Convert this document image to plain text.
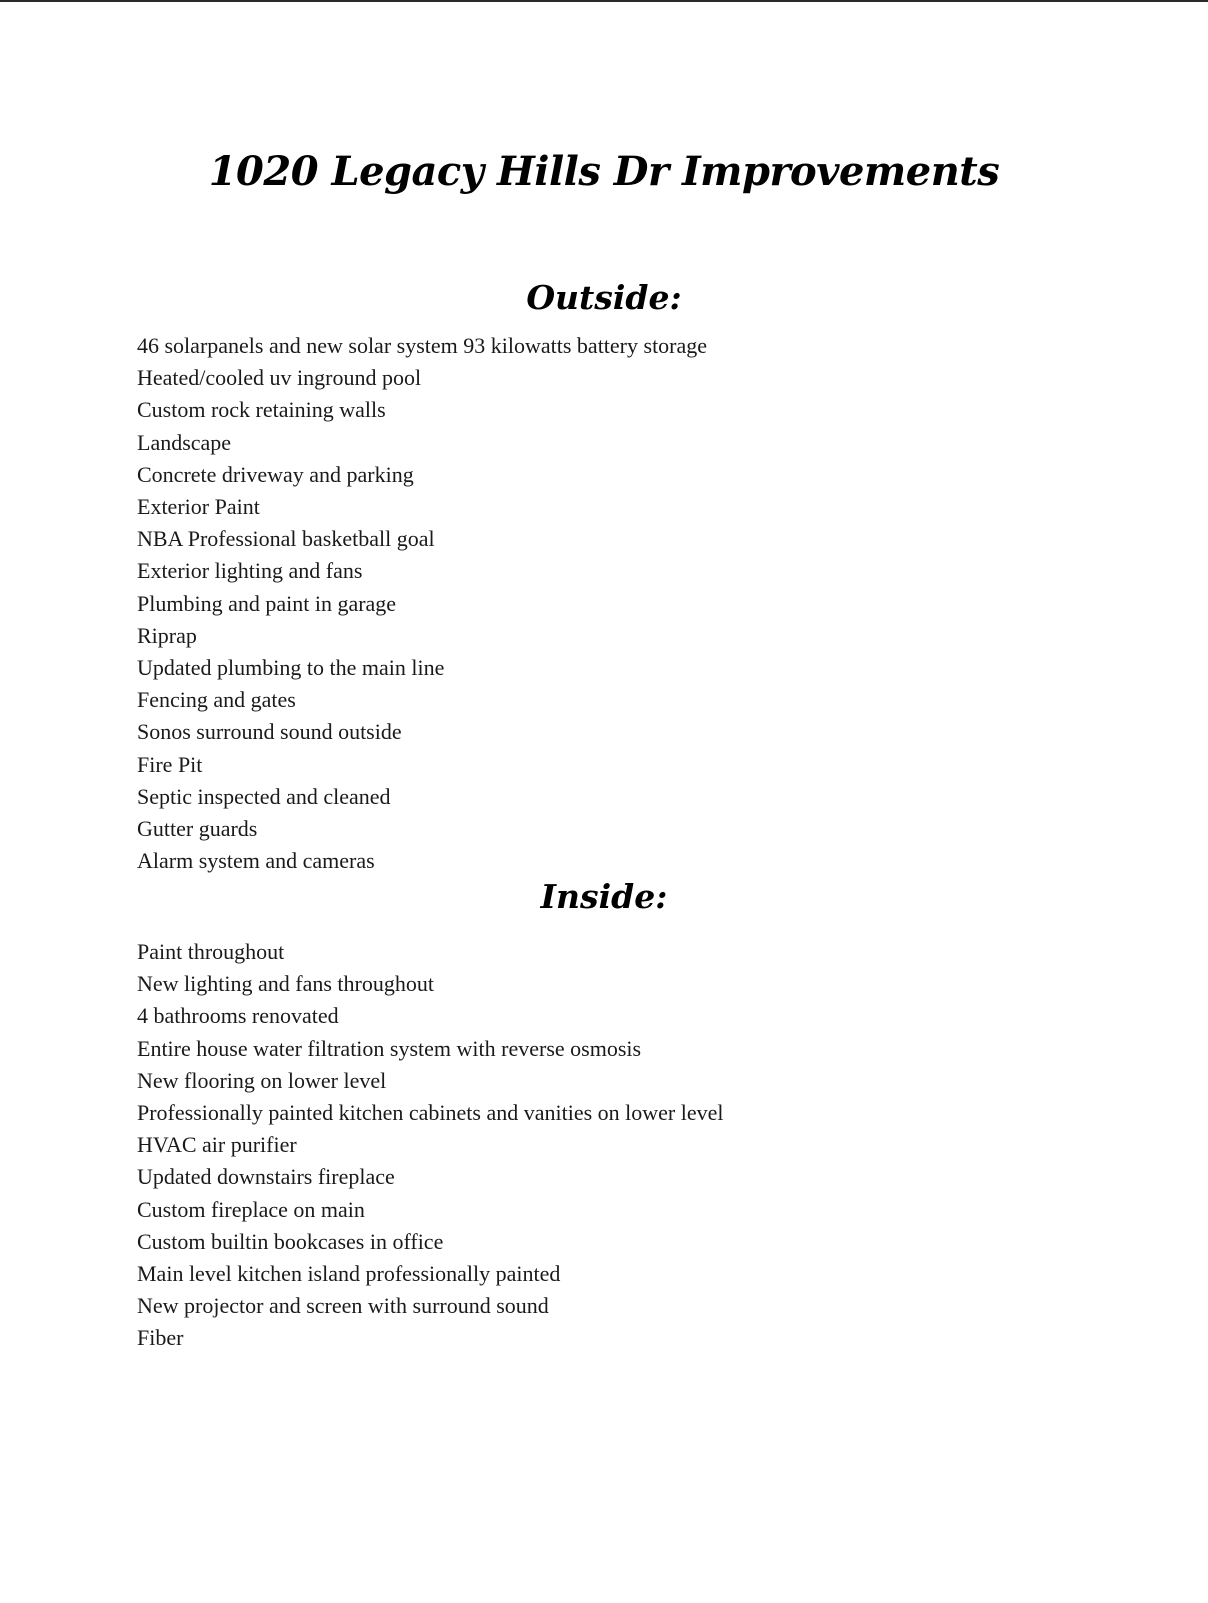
1020 Legacy Hills Dr Improvements
Outside:
46 solarpanels and new solar system 93 kilowatts battery storage
Heated/cooled uv inground pool
Custom rock retaining walls
Landscape
Concrete driveway and parking
Exterior Paint
NBA Professional basketball goal
Exterior lighting and fans
Plumbing and paint in garage
Riprap
Updated plumbing to the main line
Fencing and gates
Sonos surround sound outside
Fire Pit
Septic inspected and cleaned
Gutter guards
Alarm system and cameras
Inside:
Paint throughout
New lighting and fans throughout
4 bathrooms renovated
Entire house water filtration system with reverse osmosis
New flooring on lower level
Professionally painted kitchen cabinets and vanities on lower level
HVAC air purifier
Updated downstairs fireplace
Custom fireplace on main
Custom builtin bookcases in office
Main level kitchen island professionally painted
New projector and screen with surround sound
Fiber
